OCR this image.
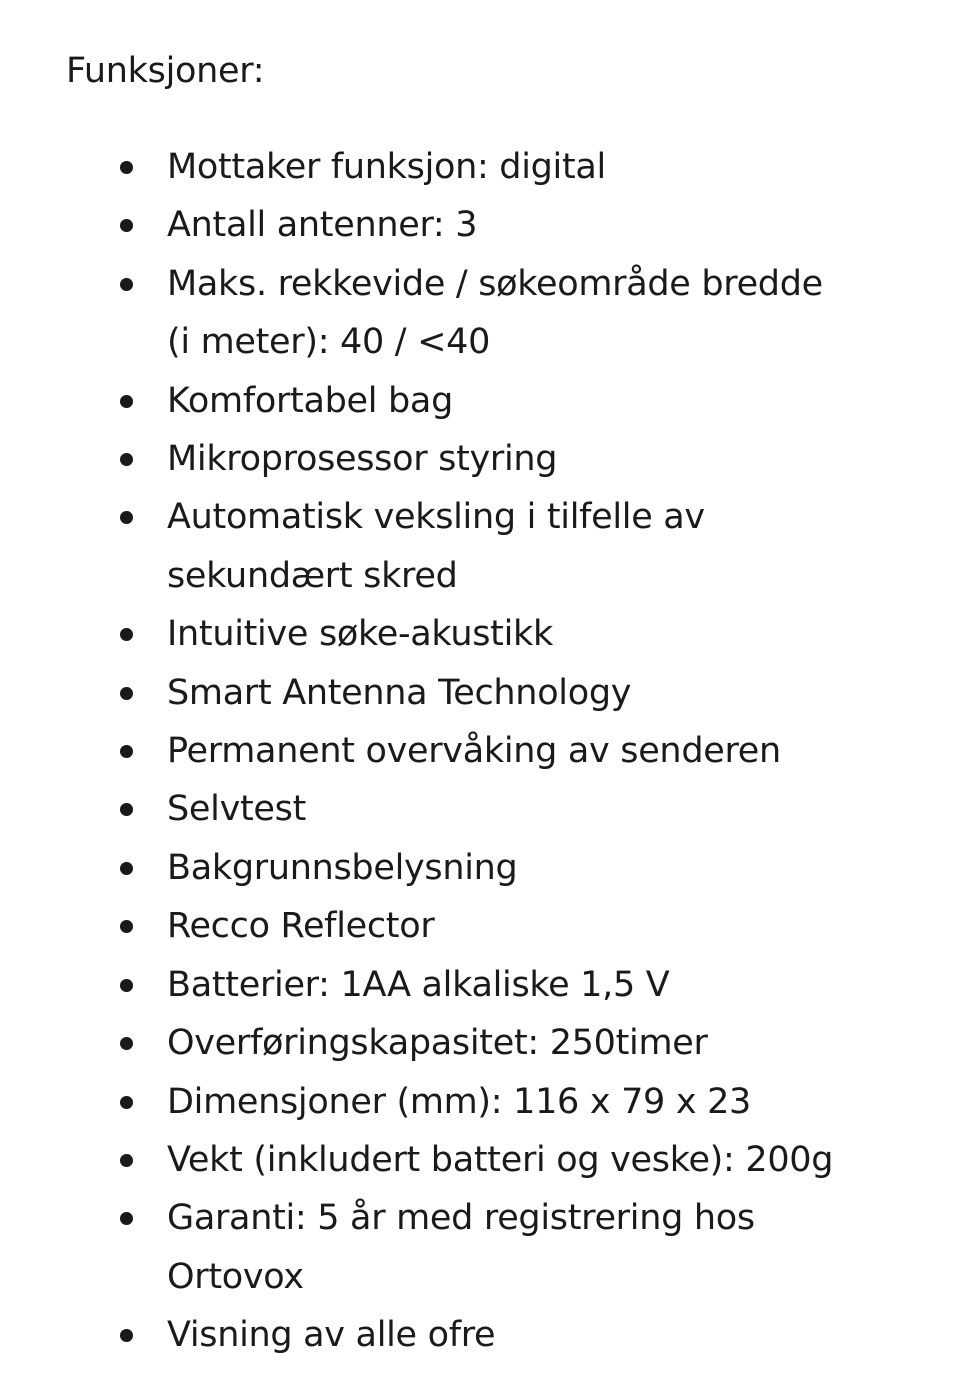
Funksjoner:
Mottaker funksjon: digital
Antall antenner: 3
Maks. rekkevide / søkeområde bredde (i meter): 40 / <40
Komfortabel bag
Mikroprosessor styring
Automatisk veksling i tilfelle av sekundært skred
Intuitive søke-akustikk
Smart Antenna Technology
Permanent overvåking av senderen
Selvtest
Bakgrunnsbelysning
Recco Reflector
Batterier: 1AA alkaliske 1,5 V
Overføringskapasitet: 250timer
Dimensjoner (mm): 116 x 79 x 23
Vekt (inkludert batteri og veske): 200g
Garanti: 5 år med registrering hos Ortovox
Visning av alle ofre
